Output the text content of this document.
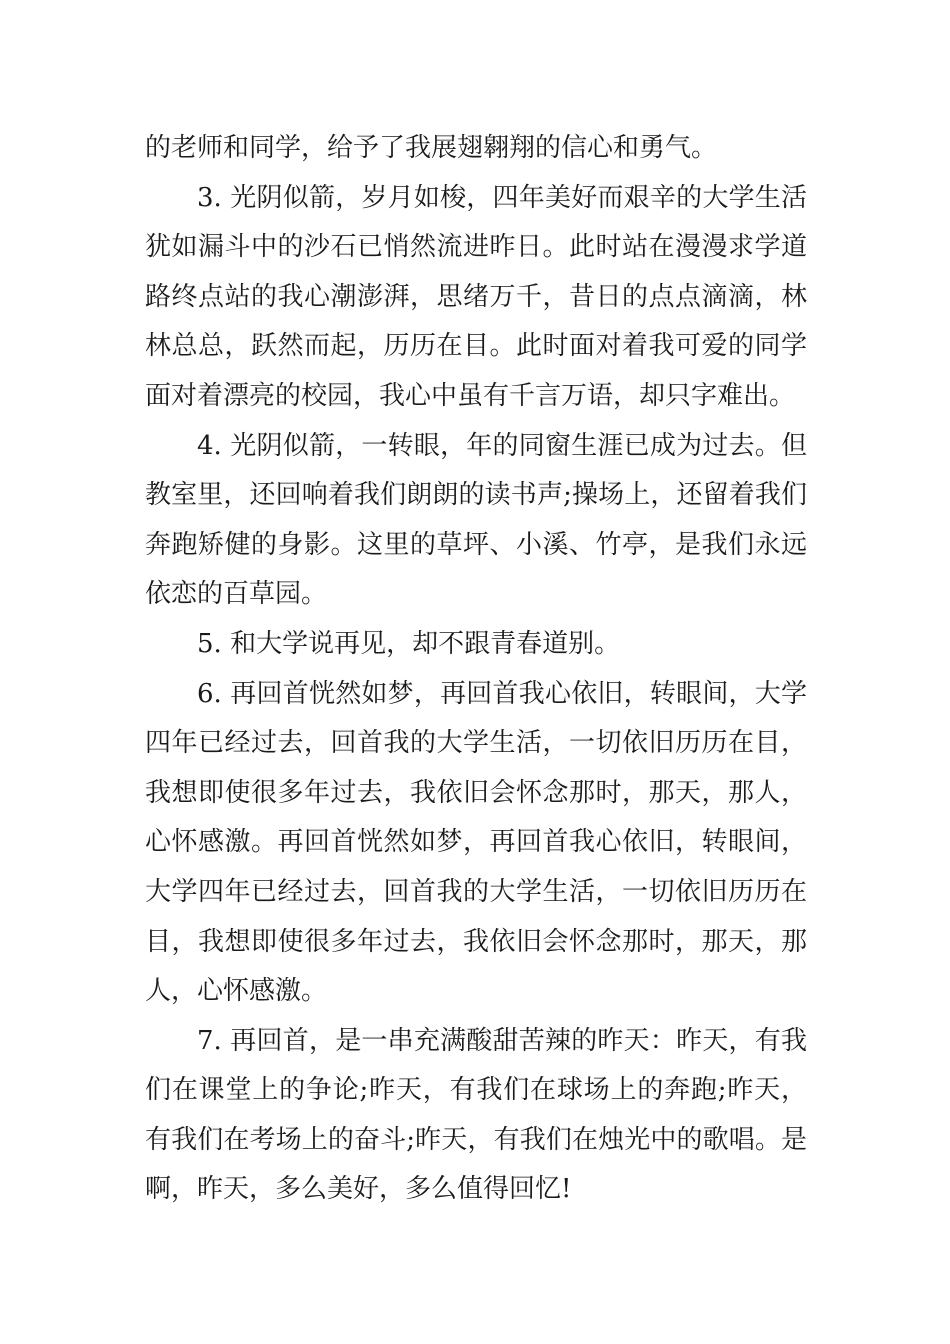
的老师和同学，给予了我展翅翱翔的信心和勇气。

3. 光阴似箭，岁月如梭，四年美好而艰辛的大学生活犹如漏斗中的沙石已悄然流进昨日。此时站在漫漫求学道路终点站的我心潮澎湃，思绪万千，昔日的点点滴滴，林林总总，跃然而起，历历在目。此时面对着我可爱的同学面对着漂亮的校园，我心中虽有千言万语，却只字难出。

4. 光阴似箭，一转眼，年的同窗生涯已成为过去。但教室里，还回响着我们朗朗的读书声;操场上，还留着我们奔跑矫健的身影。这里的草坪、小溪、竹亭，是我们永远依恋的百草园。

5. 和大学说再见，却不跟青春道别。

6. 再回首恍然如梦，再回首我心依旧，转眼间，大学四年已经过去，回首我的大学生活，一切依旧历历在目，我想即使很多年过去，我依旧会怀念那时，那天，那人，心怀感激。再回首恍然如梦，再回首我心依旧，转眼间，大学四年已经过去，回首我的大学生活，一切依旧历历在目，我想即使很多年过去，我依旧会怀念那时，那天，那人，心怀感激。

7. 再回首，是一串充满酸甜苦辣的昨天：昨天，有我们在课堂上的争论;昨天，有我们在球场上的奔跑;昨天，有我们在考场上的奋斗;昨天，有我们在烛光中的歌唱。是啊，昨天，多么美好，多么值得回忆!
